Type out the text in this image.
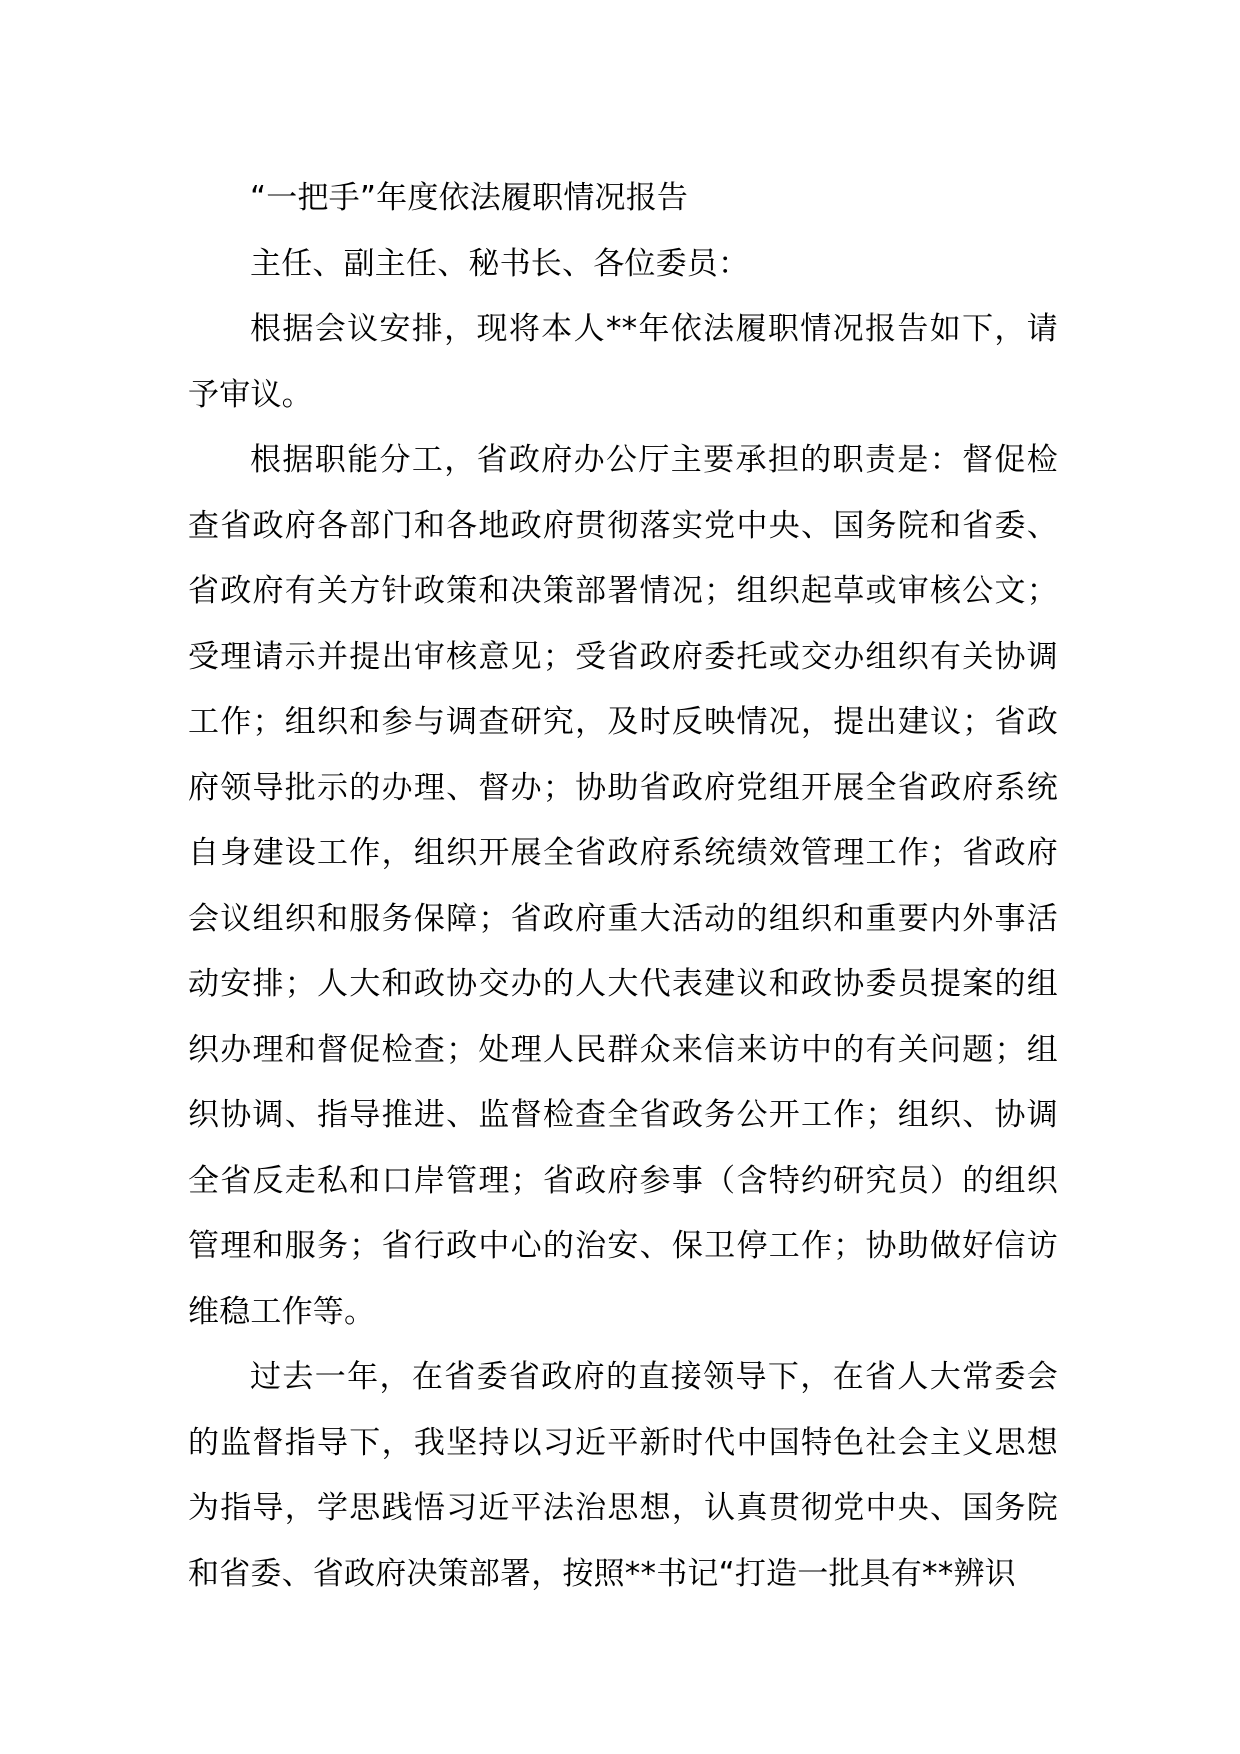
“一把手”年度依法履职情况报告

主任、副主任、秘书长、各位委员：

根据会议安排，现将本人**年依法履职情况报告如下，请予审议。

根据职能分工，省政府办公厅主要承担的职责是：督促检查省政府各部门和各地政府贯彻落实党中央、国务院和省委、省政府有关方针政策和决策部署情况；组织起草或审核公文；受理请示并提出审核意见；受省政府委托或交办组织有关协调工作；组织和参与调查研究，及时反映情况，提出建议；省政府领导批示的办理、督办；协助省政府党组开展全省政府系统自身建设工作，组织开展全省政府系统绩效管理工作；省政府会议组织和服务保障；省政府重大活动的组织和重要内外事活动安排；人大和政协交办的人大代表建议和政协委员提案的组织办理和督促检查；处理人民群众来信来访中的有关问题；组织协调、指导推进、监督检查全省政务公开工作；组织、协调全省反走私和口岸管理；省政府参事（含特约研究员）的组织管理和服务；省行政中心的治安、保卫停工作；协助做好信访维稳工作等。

过去一年，在省委省政府的直接领导下，在省人大常委会的监督指导下，我坚持以习近平新时代中国特色社会主义思想为指导，学思践悟习近平法治思想，认真贯彻党中央、国务院和省委、省政府决策部署，按照**书记“打造一批具有**辨识
